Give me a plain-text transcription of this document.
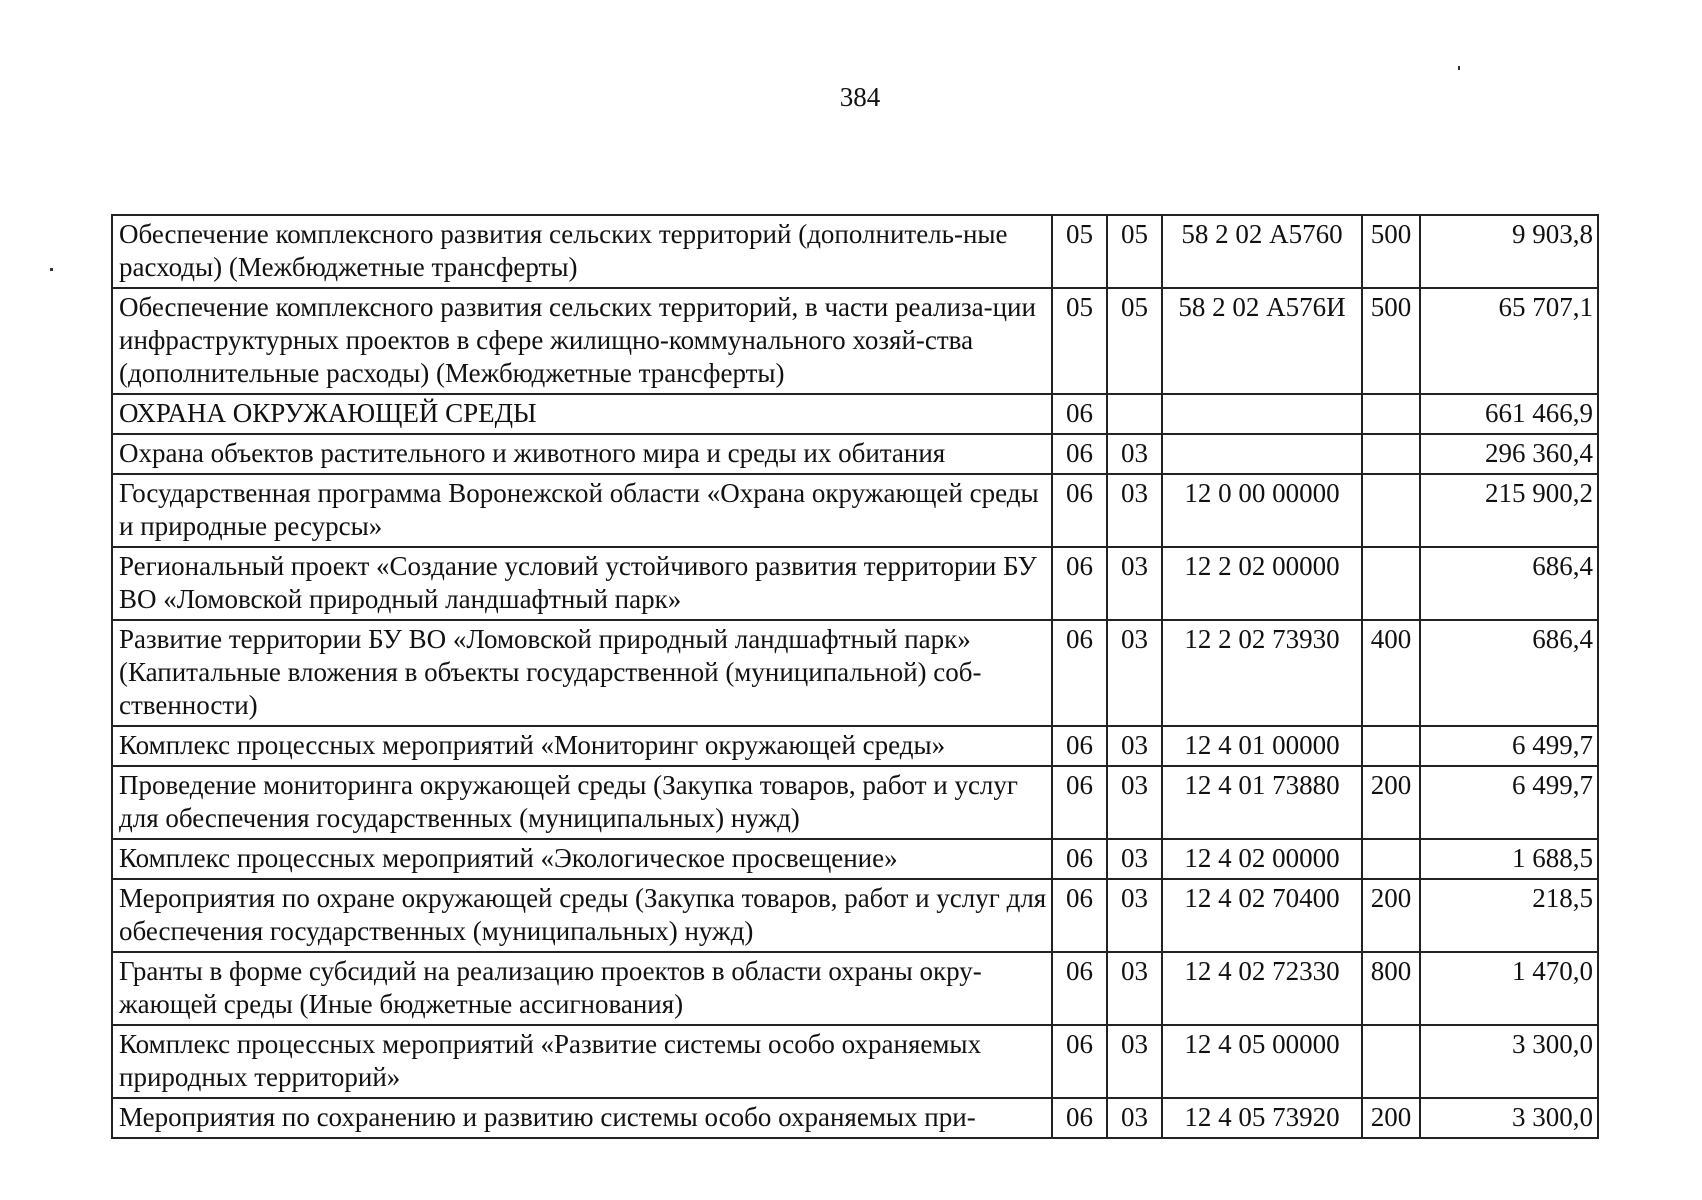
384
Обеспечение комплексного развития сельских территорий (дополнитель-ные расходы) (Межбюджетные трансферты)	05	05	58 2 02 А5760	500	9 903,8
Обеспечение комплексного развития сельских территорий, в части реализа-ции инфраструктурных проектов в сфере жилищно-коммунального хозяй-ства (дополнительные расходы) (Межбюджетные трансферты)	05	05	58 2 02 А576И	500	65 707,1
ОХРАНА ОКРУЖАЮЩЕЙ СРЕДЫ	06				661 466,9
Охрана объектов растительного и животного мира и среды их обитания	06	03			296 360,4
Государственная программа Воронежской области «Охрана окружающей среды и природные ресурсы»	06	03	12 0 00 00000		215 900,2
Региональный проект «Создание условий устойчивого развития территории БУ ВО «Ломовской природный ландшафтный парк»	06	03	12 2 02 00000		686,4
Развитие территории БУ ВО «Ломовской природный ландшафтный парк» (Капитальные вложения в объекты государственной (муниципальной) соб-ственности)	06	03	12 2 02 73930	400	686,4
Комплекс процессных мероприятий «Мониторинг окружающей среды»	06	03	12 4 01 00000		6 499,7
Проведение мониторинга окружающей среды (Закупка товаров, работ и услуг для обеспечения государственных (муниципальных) нужд)	06	03	12 4 01 73880	200	6 499,7
Комплекс процессных мероприятий «Экологическое просвещение»	06	03	12 4 02 00000		1 688,5
Мероприятия по охране окружающей среды (Закупка товаров, работ и услуг для обеспечения государственных (муниципальных) нужд)	06	03	12 4 02 70400	200	218,5
Гранты в форме субсидий на реализацию проектов в области охраны окру-жающей среды (Иные бюджетные ассигнования)	06	03	12 4 02 72330	800	1 470,0
Комплекс процессных мероприятий «Развитие системы особо охраняемых природных территорий»	06	03	12 4 05 00000		3 300,0
Мероприятия по сохранению и развитию системы особо охраняемых при-	06	03	12 4 05 73920	200	3 300,0
